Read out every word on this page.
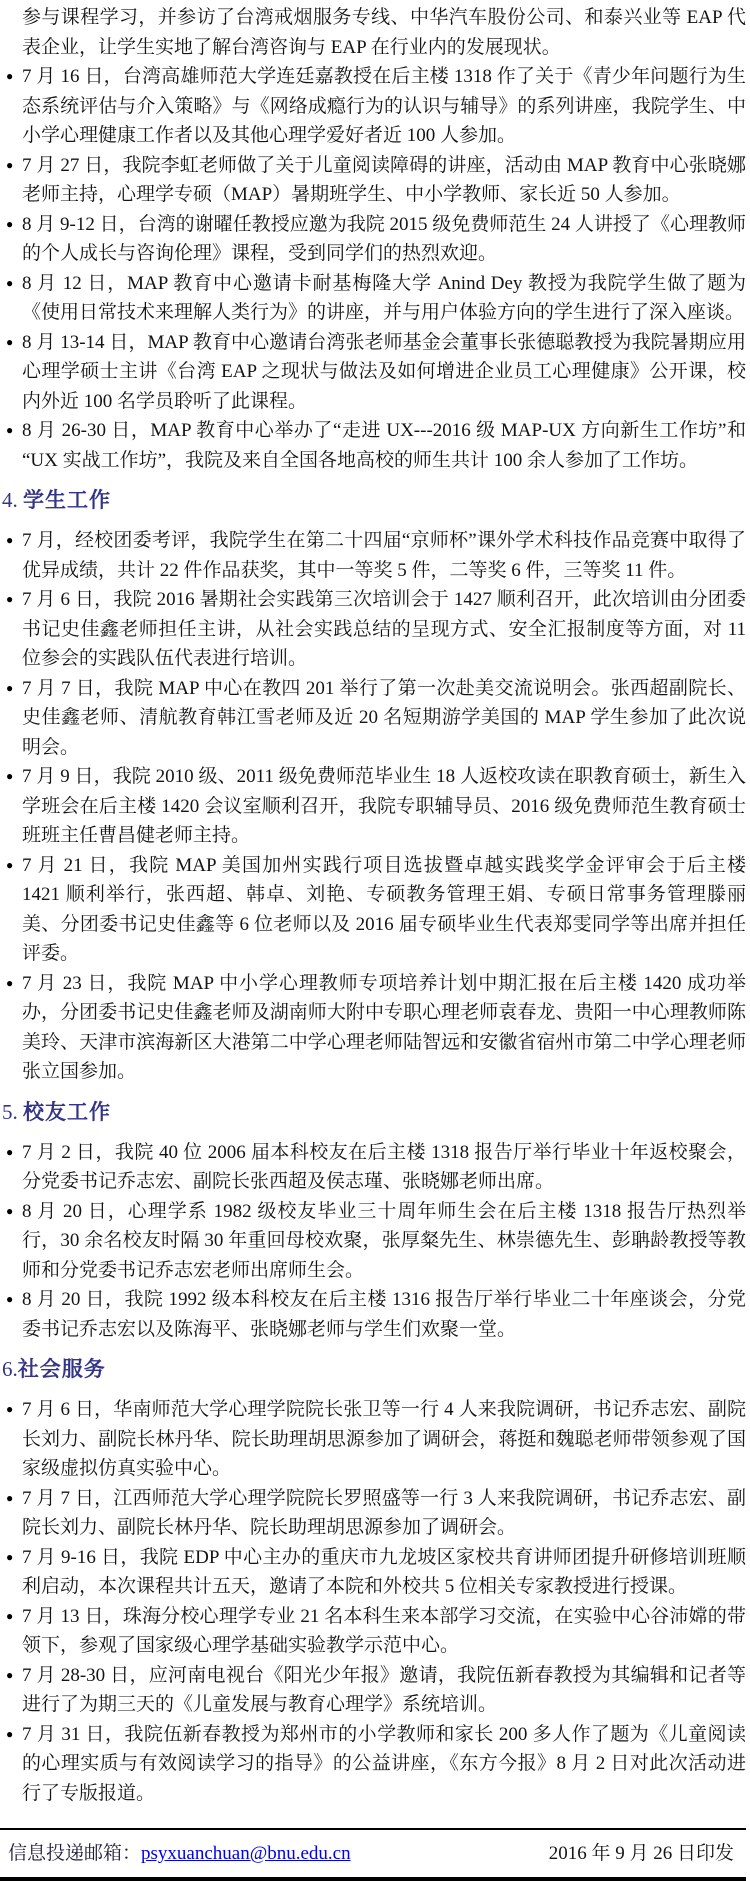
参与课程学习，并参访了台湾戒烟服务专线、中华汽车股份公司、和泰兴业等 EAP 代表企业，让学生实地了解台湾咨询与 EAP 在行业内的发展现状。
● 7 月 16 日，台湾高雄师范大学连廷嘉教授在后主楼 1318 作了关于《青少年问题行为生态系统评估与介入策略》与《网络成瘾行为的认识与辅导》的系列讲座，我院学生、中小学心理健康工作者以及其他心理学爱好者近 100 人参加。
● 7 月 27 日，我院李虹老师做了关于儿童阅读障碍的讲座，活动由 MAP 教育中心张晓娜老师主持，心理学专硕（MAP）暑期班学生、中小学教师、家长近 50 人参加。
● 8 月 9-12 日，台湾的谢曜任教授应邀为我院 2015 级免费师范生 24 人讲授了《心理教师的个人成长与咨询伦理》课程，受到同学们的热烈欢迎。
● 8 月 12 日，MAP 教育中心邀请卡耐基梅隆大学 Anind Dey 教授为我院学生做了题为《使用日常技术来理解人类行为》的讲座，并与用户体验方向的学生进行了深入座谈。
● 8 月 13-14 日，MAP 教育中心邀请台湾张老师基金会董事长张德聪教授为我院暑期应用心理学硕士主讲《台湾 EAP 之现状与做法及如何增进企业员工心理健康》公开课，校内外近 100 名学员聆听了此课程。
● 8 月 26-30 日，MAP 教育中心举办了“走进 UX---2016 级 MAP-UX 方向新生工作坊”和“UX 实战工作坊”，我院及来自全国各地高校的师生共计 100 余人参加了工作坊。
4. 学生工作
● 7 月，经校团委考评，我院学生在第二十四届“京师杯”课外学术科技作品竞赛中取得了优异成绩，共计 22 件作品获奖，其中一等奖 5 件，二等奖 6 件，三等奖 11 件。
● 7 月 6 日，我院 2016 暑期社会实践第三次培训会于 1427 顺利召开，此次培训由分团委书记史佳鑫老师担任主讲，从社会实践总结的呈现方式、安全汇报制度等方面，对 11 位参会的实践队伍代表进行培训。
● 7 月 7 日，我院 MAP 中心在教四 201 举行了第一次赴美交流说明会。张西超副院长、史佳鑫老师、清航教育韩江雪老师及近 20 名短期游学美国的 MAP 学生参加了此次说明会。
● 7 月 9 日，我院 2010 级、2011 级免费师范毕业生 18 人返校攻读在职教育硕士，新生入学班会在后主楼 1420 会议室顺利召开，我院专职辅导员、2016 级免费师范生教育硕士班班主任曹昌健老师主持。
● 7 月 21 日，我院 MAP 美国加州实践行项目选拔暨卓越实践奖学金评审会于后主楼 1421 顺利举行，张西超、韩卓、刘艳、专硕教务管理王娟、专硕日常事务管理滕丽美、分团委书记史佳鑫等 6 位老师以及 2016 届专硕毕业生代表郑雯同学等出席并担任评委。
● 7 月 23 日，我院 MAP 中小学心理教师专项培养计划中期汇报在后主楼 1420 成功举办，分团委书记史佳鑫老师及湖南师大附中专职心理老师袁春龙、贵阳一中心理教师陈美玲、天津市滨海新区大港第二中学心理老师陆智远和安徽省宿州市第二中学心理老师张立国参加。
5. 校友工作
● 7 月 2 日，我院 40 位 2006 届本科校友在后主楼 1318 报告厅举行毕业十年返校聚会，分党委书记乔志宏、副院长张西超及侯志瑾、张晓娜老师出席。
● 8 月 20 日，心理学系 1982 级校友毕业三十周年师生会在后主楼 1318 报告厅热烈举行，30 余名校友时隔 30 年重回母校欢聚，张厚粲先生、林崇德先生、彭聃龄教授等教师和分党委书记乔志宏老师出席师生会。
● 8 月 20 日，我院 1992 级本科校友在后主楼 1316 报告厅举行毕业二十年座谈会，分党委书记乔志宏以及陈海平、张晓娜老师与学生们欢聚一堂。
6.社会服务
● 7 月 6 日，华南师范大学心理学院院长张卫等一行 4 人来我院调研，书记乔志宏、副院长刘力、副院长林丹华、院长助理胡思源参加了调研会，蒋挺和魏聪老师带领参观了国家级虚拟仿真实验中心。
● 7 月 7 日，江西师范大学心理学院院长罗照盛等一行 3 人来我院调研，书记乔志宏、副院长刘力、副院长林丹华、院长助理胡思源参加了调研会。
● 7 月 9-16 日，我院 EDP 中心主办的重庆市九龙坡区家校共育讲师团提升研修培训班顺利启动，本次课程共计五天，邀请了本院和外校共 5 位相关专家教授进行授课。
● 7 月 13 日，珠海分校心理学专业 21 名本科生来本部学习交流，在实验中心谷沛嫦的带领下，参观了国家级心理学基础实验教学示范中心。
● 7 月 28-30 日，应河南电视台《阳光少年报》邀请，我院伍新春教授为其编辑和记者等进行了为期三天的《儿童发展与教育心理学》系统培训。
● 7 月 31 日，我院伍新春教授为郑州市的小学教师和家长 200 多人作了题为《儿童阅读的心理实质与有效阅读学习的指导》的公益讲座，《东方今报》8 月 2 日对此次活动进行了专版报道。
信息投递邮箱：psyxuanchuan@bnu.edu.cn	2016 年 9 月 26 日印发
